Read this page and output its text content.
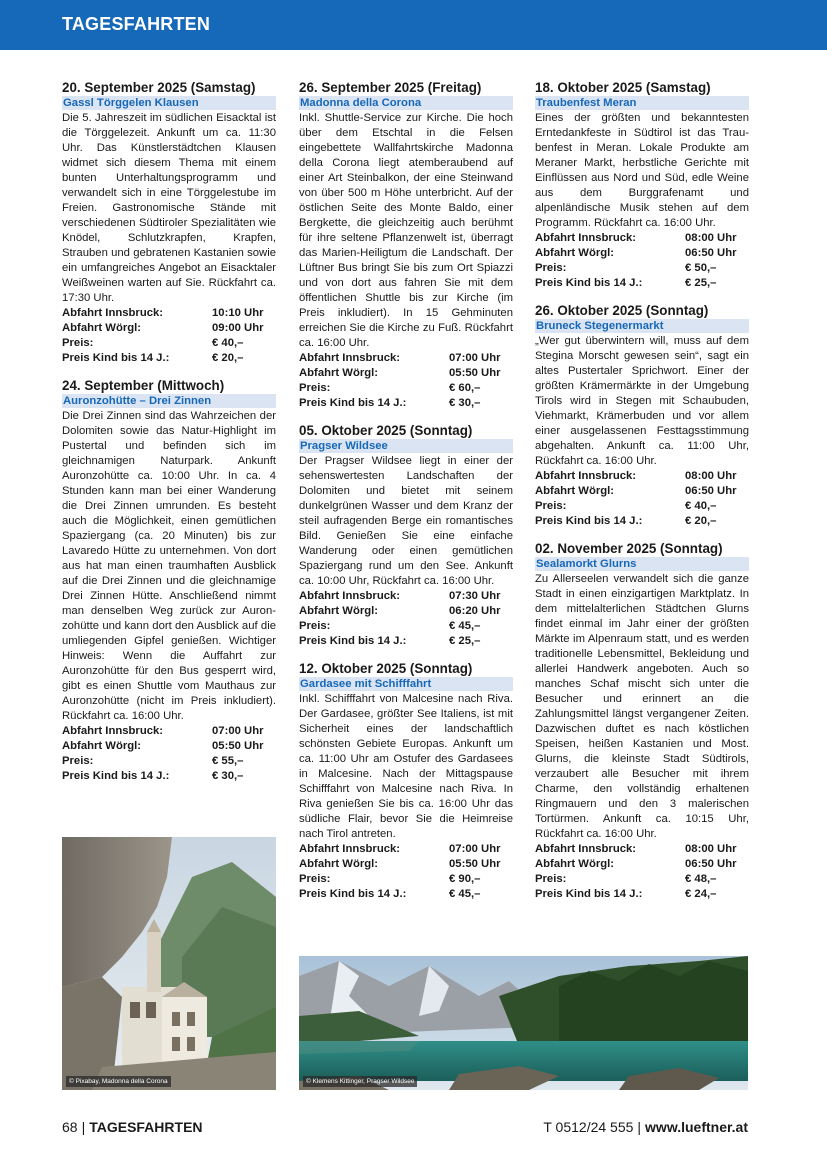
TAGESFAHRTEN
20. September 2025 (Samstag)
Gassl Törggelen Klausen

Die 5. Jahreszeit im südlichen Eisacktal ist die Törggelezeit. Ankunft um ca. 11:30 Uhr. Das Künstlerstädtchen Klausen widmet sich diesem Thema mit einem bunten Unterhaltungsprogramm und verwandelt sich in eine Törggelestube im Freien. Gastronomische Stände mit verschiedenen Südtiroler Spezialitäten wie Knödel, Schlutzkrapfen, Krapfen, Strauben und gebratenen Kastanien sowie ein umfangreiches Angebot an Eisacktaler Weißweinen warten auf Sie. Rückfahrt ca. 17:30 Uhr.

Abfahrt Innsbruck:	10:10 Uhr
Abfahrt Wörgl:	09:00 Uhr
Preis:	€ 40,–
Preis Kind bis 14 J.:	€ 20,–
24. September (Mittwoch)
Auronzohütte – Drei Zinnen

Die Drei Zinnen sind das Wahrzeichen der Dolomiten sowie das Natur-Highlight im Pustertal und befinden sich im gleichnamigen Naturpark. Ankunft Auronzohütte ca. 10:00 Uhr. In ca. 4 Stunden kann man bei einer Wanderung die Drei Zinnen umrunden. Es besteht auch die Möglichkeit, einen gemütlichen Spaziergang (ca. 20 Minuten) bis zur Lavaredo Hütte zu unternehmen. Von dort aus hat man einen traumhaften Ausblick auf die Drei Zinnen und die gleichnamige Drei Zinnen Hütte. Anschließend nimmt man denselben Weg zurück zur Auronzohütte und kann dort den Ausblick auf die umliegenden Gipfel genießen. Wichtiger Hinweis: Wenn die Auffahrt zur Auronzohütte für den Bus gesperrt wird, gibt es einen Shuttle vom Mauthaus zur Auronzohütte (nicht im Preis inkludiert). Rückfahrt ca. 16:00 Uhr.

Abfahrt Innsbruck:	07:00 Uhr
Abfahrt Wörgl:	05:50 Uhr
Preis:	€ 55,–
Preis Kind bis 14 J.:	€ 30,–
26. September 2025 (Freitag)
Madonna della Corona

Inkl. Shuttle-Service zur Kirche. Die hoch über dem Etschtal in die Felsen eingebettete Wallfahrtskirche Madonna della Corona liegt atemberaubend auf einer Art Steinbalkon, der eine Steinwand von über 500 m Höhe unterbricht. Auf der östlichen Seite des Monte Baldo, einer Bergkette, die gleichzeitig auch berühmt für ihre seltene Pflanzenwelt ist, überragt das Marien-Heiligtum die Landschaft. Der Lüftner Bus bringt Sie bis zum Ort Spiazzi und von dort aus fahren Sie mit dem öffentlichen Shuttle bis zur Kirche (im Preis inkludiert). In 15 Gehminuten erreichen Sie die Kirche zu Fuß. Rückfahrt ca. 16:00 Uhr.

Abfahrt Innsbruck:	07:00 Uhr
Abfahrt Wörgl:	05:50 Uhr
Preis:	€ 60,–
Preis Kind bis 14 J.:	€ 30,–
05. Oktober 2025 (Sonntag)
Pragser Wildsee

Der Pragser Wildsee liegt in einer der sehenswertesten Landschaften der Dolomiten und bietet mit seinem dunkelgrünen Wasser und dem Kranz der steil aufragenden Berge ein romantisches Bild. Genießen Sie eine einfache Wanderung oder einen gemütlichen Spaziergang rund um den See. Ankunft ca. 10:00 Uhr, Rückfahrt ca. 16:00 Uhr.

Abfahrt Innsbruck:	07:30 Uhr
Abfahrt Wörgl:	06:20 Uhr
Preis:	€ 45,–
Preis Kind bis 14 J.:	€ 25,–
12. Oktober 2025 (Sonntag)
Gardasee mit Schifffahrt

Inkl. Schifffahrt von Malcesine nach Riva. Der Gardasee, größter See Italiens, ist mit Sicherheit eines der landschaftlich schönsten Gebiete Europas. Ankunft um ca. 11:00 Uhr am Ostufer des Gardasees in Malcesine. Nach der Mittagspause Schifffahrt von Malcesine nach Riva. In Riva genießen Sie bis ca. 16:00 Uhr das südliche Flair, bevor Sie die Heimreise nach Tirol antreten.

Abfahrt Innsbruck:	07:00 Uhr
Abfahrt Wörgl:	05:50 Uhr
Preis:	€ 90,–
Preis Kind bis 14 J.:	€ 45,–
18. Oktober 2025 (Samstag)
Traubenfest Meran

Eines der größten und bekanntesten Erntedankfeste in Südtirol ist das Traubenfest in Meran. Lokale Produkte am Meraner Markt, herbstliche Gerichte mit Einflüssen aus Nord und Süd, edle Weine aus dem Burggrafenamt und alpenländische Musik stehen auf dem Programm. Rückfahrt ca. 16:00 Uhr.

Abfahrt Innsbruck:	08:00 Uhr
Abfahrt Wörgl:	06:50 Uhr
Preis:	€ 50,–
Preis Kind bis 14 J.:	€ 25,–
26. Oktober 2025 (Sonntag)
Bruneck Stegenermarkt

„Wer gut überwintern will, muss auf dem Stegina Morscht gewesen sein“, sagt ein altes Pustertaler Sprichwort. Einer der größten Krämermärkte in der Umgebung Tirols wird in Stegen mit Schaubuden, Viehmarkt, Krämerbuden und vor allem einer ausgelassenen Festtagsstimmung abgehalten. Ankunft ca. 11:00 Uhr, Rückfahrt ca. 16:00 Uhr.

Abfahrt Innsbruck:	08:00 Uhr
Abfahrt Wörgl:	06:50 Uhr
Preis:	€ 40,–
Preis Kind bis 14 J.:	€ 20,–
02. November 2025 (Sonntag)
Sealamorkt Glurns

Zu Allerseelen verwandelt sich die ganze Stadt in einen einzigartigen Marktplatz. In dem mittelalterlichen Städtchen Glurns findet einmal im Jahr einer der größten Märkte im Alpenraum statt, und es werden traditionelle Lebensmittel, Bekleidung und allerlei Handwerk angeboten. Auch so manches Schaf mischt sich unter die Besucher und erinnert an die Zahlungsmittel längst vergangener Zeiten. Dazwischen duftet es nach köstlichen Speisen, heißen Kastanien und Most. Glurns, die kleinste Stadt Südtirols, verzaubert alle Besucher mit ihrem Charme, den vollständig erhaltenen Ringmauern und den 3 malerischen Tortürmen. Ankunft ca. 10:15 Uhr, Rückfahrt ca. 16:00 Uhr.

Abfahrt Innsbruck:	08:00 Uhr
Abfahrt Wörgl:	06:50 Uhr
Preis:	€ 48,–
Preis Kind bis 14 J.:	€ 24,–
© Pixabay, Madonna della Corona	© Klemens Kittinger, Pragser Wildsee
68 | TAGESFAHRTEN	T 0512/24 555 | www.lueftner.at
